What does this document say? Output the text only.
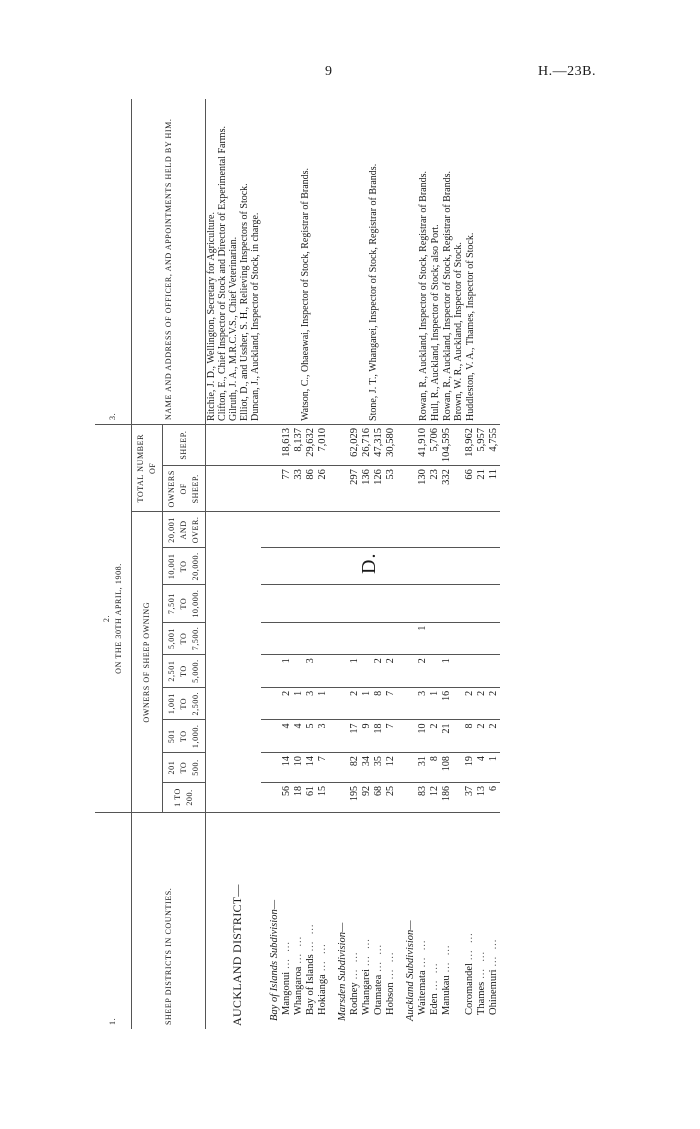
9	H.—23B.
D.
1.	2. ON THE 30TH APRIL, 1908.											3.
SHEEP DISTRICTS IN COUNTIES.	OWNERS OF SHEEP OWNING									TOTAL NUMBER OF		NAME AND ADDRESS OF OFFICER, AND APPOINTMENTS HELD BY HIM.
	1 TO 200.	201 TO 500.	501 TO 1,000.	1,001 TO 2,500.	2,501 TO 5,000.	5,001 TO 7,500.	7,501 TO 10,000.	10,001 TO 20,000.	20,001 AND OVER.	OWNERS OF SHEEP.	SHEEP.	
AUCKLAND DISTRICT—												Ritchie, J. D., Wellington, Secretary for Agriculture. Clifton, E., Chief Inspector of Stock and Director of Experimental Farms. Gilruth, J. A., M.R.C.V.S., Chief Veterinarian. Elliot, D., and Ussher, S. H., Relieving Inspectors of Stock. Duncan, J., Auckland, Inspector of Stock, in charge.

Bay of Islands Subdivision—												
Mangonui … …	56	14	4	2	1					77	18,613	Watson, C., Ohaeawai, Inspector of Stock, Registrar of Brands.
Whangaroa … …	18	10	4	1						33	8,137	
Bay of Islands … …	61	14	5	3	3					86	29,632	
Hokianga … …	15	7	3	1						26	7,010	

Marsden Subdivision—												
Rodney … …	195	82	17	2	1					297	62,029	Stone, J. T., Whangarei, Inspector of Stock, Registrar of Brands.
Whangarei … …	92	34	9	1						136	26,716	
Otamatea … …	68	35	18	8	2					126	47,315	
Hobson … …	25	12	7	7	2					53	30,580	

Auckland Subdivision—												
Waitemata … …	83	31	10	3	2	1				130	41,910	Rowan, R., Auckland, Inspector of Stock, Registrar of Brands.
Eden … …	12	8	2	1						23	5,706	Hull, R., Auckland, Inspector of Stock; also Port.
Manukau … …	186	108	21	16	1					332	104,595	Rowan, R., Auckland, Inspector of Stock, Registrar of Brands.
												Brown, W. R., Auckland, Inspector of Stock.
Coromandel … …	37	19	8	2						66	18,962	Huddleston, V. A., Thames, Inspector of Stock.
Thames … …	13	4	2	2						21	5,957	
Ohinemuri … …	6	1	2	2						11	4,755	
